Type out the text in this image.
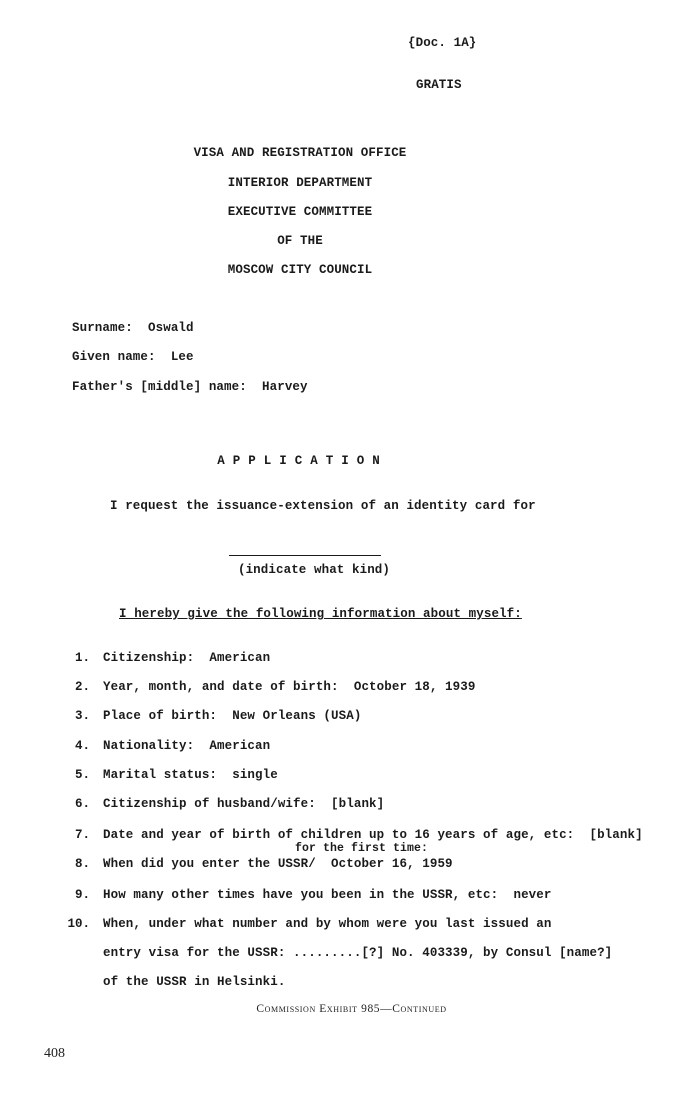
{Doc. 1A}
GRATIS
VISA AND REGISTRATION OFFICE
INTERIOR DEPARTMENT
EXECUTIVE COMMITTEE
OF THE
MOSCOW CITY COUNCIL
Surname: Oswald
Given name: Lee
Father's [middle] name: Harvey
APPLICATION
I request the issuance-extension of an identity card for
(indicate what kind)
I hereby give the following information about myself:
1. Citizenship:  American
2. Year, month, and date of birth:  October 18, 1939
3. Place of birth:  New Orleans (USA)
4. Nationality:  American
5. Marital status:  single
6. Citizenship of husband/wife:  [blank]
7. Date and year of birth of children up to 16 years of age, etc:  [blank]
for the first time:
8. When did you enter the USSR/  October 16, 1959
9. How many other times have you been in the USSR, etc:  never
10. When, under what number and by whom were you last issued an
entry visa for the USSR: .........[?] No. 403339, by Consul [name?]
of the USSR in Helsinki.
Commission Exhibit 985—Continued
408
